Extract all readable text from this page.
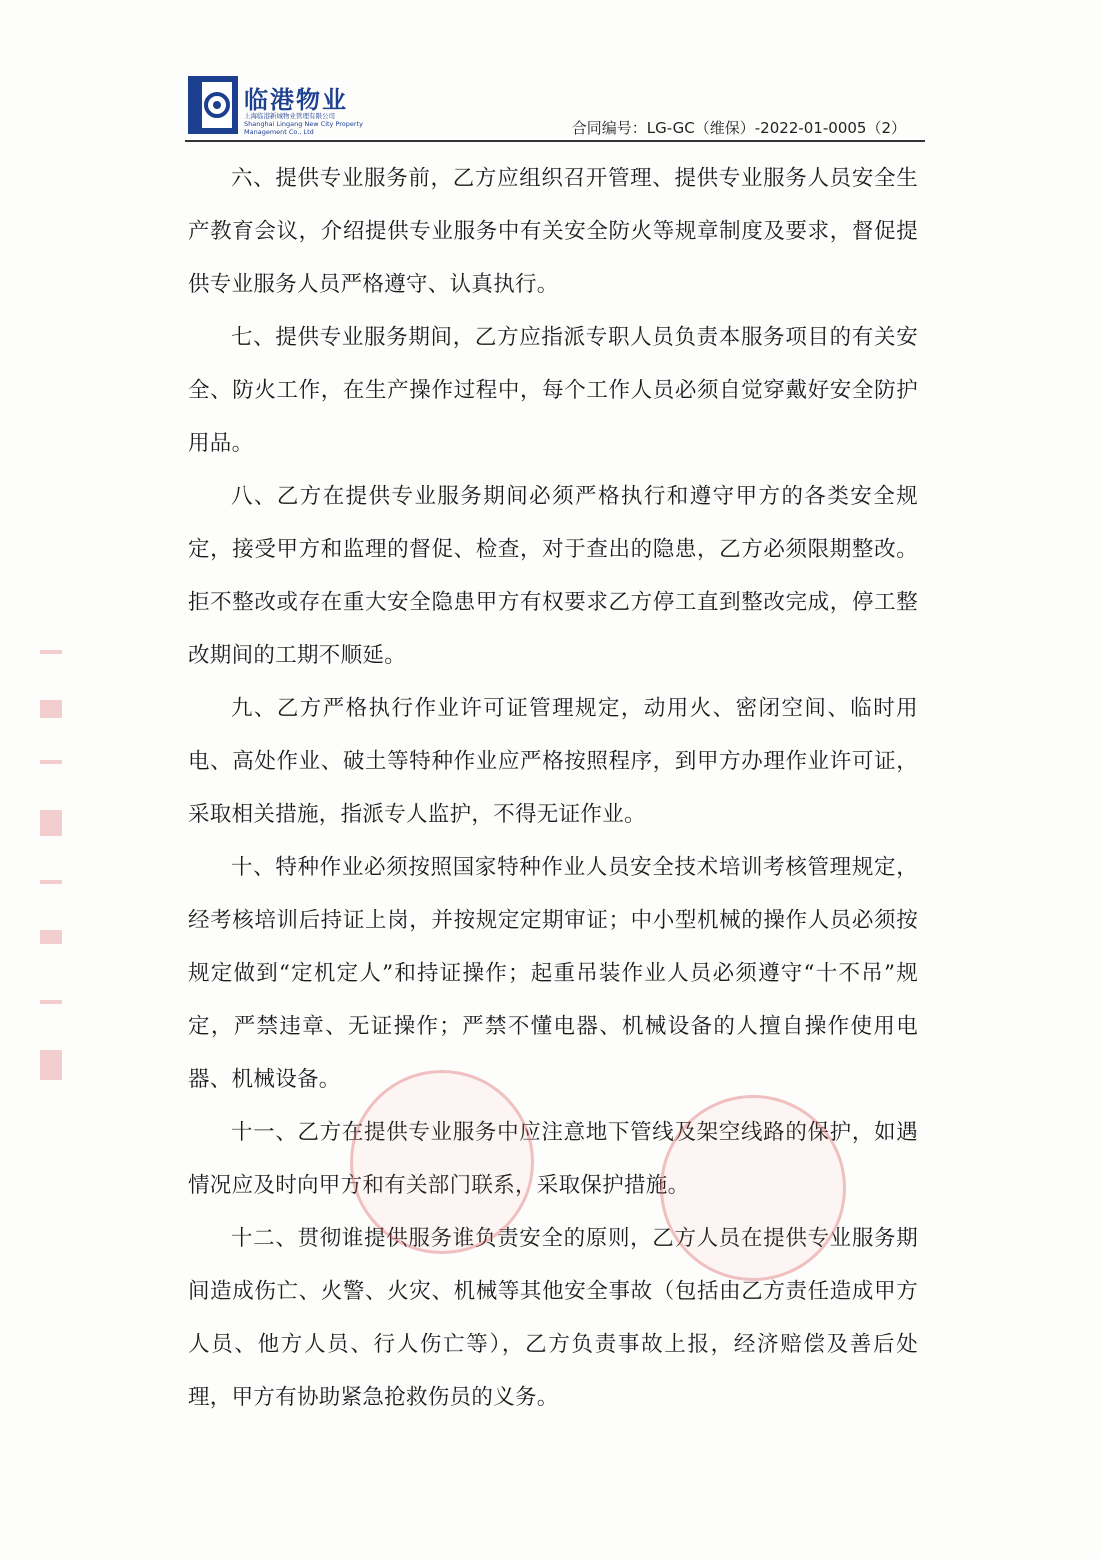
临港物业
上海临港新城物业管理有限公司 Shanghai Lingang New City Property Management Co., Ltd	合同编号：LG-GC（维保）-2022-01-0005（2）

六、提供专业服务前，乙方应组织召开管理、提供专业服务人员安全生产教育会议，介绍提供专业服务中有关安全防火等规章制度及要求，督促提供专业服务人员严格遵守、认真执行。

七、提供专业服务期间，乙方应指派专职人员负责本服务项目的有关安全、防火工作，在生产操作过程中，每个工作人员必须自觉穿戴好安全防护用品。

八、乙方在提供专业服务期间必须严格执行和遵守甲方的各类安全规定，接受甲方和监理的督促、检查，对于查出的隐患，乙方必须限期整改。拒不整改或存在重大安全隐患甲方有权要求乙方停工直到整改完成，停工整改期间的工期不顺延。

九、乙方严格执行作业许可证管理规定，动用火、密闭空间、临时用电、高处作业、破土等特种作业应严格按照程序，到甲方办理作业许可证，采取相关措施，指派专人监护，不得无证作业。

十、特种作业必须按照国家特种作业人员安全技术培训考核管理规定，经考核培训后持证上岗，并按规定定期审证；中小型机械的操作人员必须按规定做到“定机定人”和持证操作；起重吊装作业人员必须遵守“十不吊”规定，严禁违章、无证操作；严禁不懂电器、机械设备的人擅自操作使用电器、机械设备。

十一、乙方在提供专业服务中应注意地下管线及架空线路的保护，如遇情况应及时向甲方和有关部门联系，采取保护措施。

十二、贯彻谁提供服务谁负责安全的原则，乙方人员在提供专业服务期间造成伤亡、火警、火灾、机械等其他安全事故（包括由乙方责任造成甲方人员、他方人员、行人伤亡等），乙方负责事故上报，经济赔偿及善后处理，甲方有协助紧急抢救伤员的义务。
